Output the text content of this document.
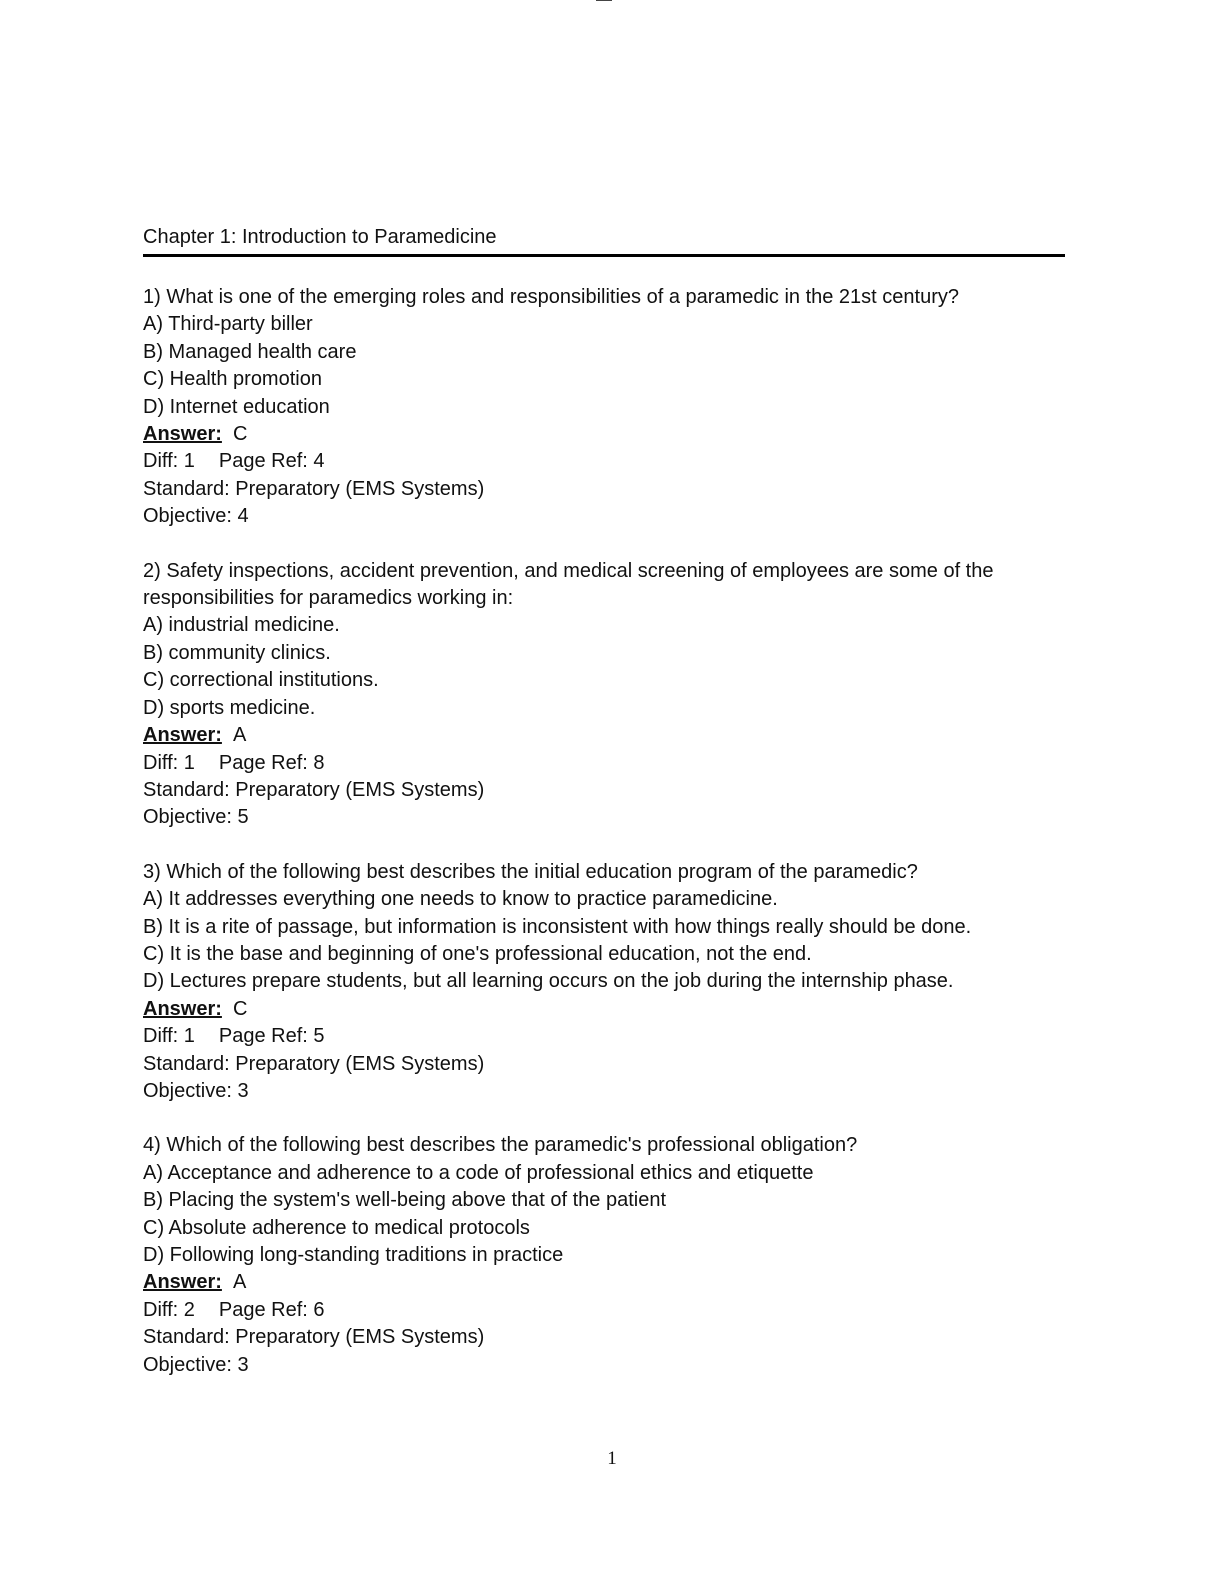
Chapter 1: Introduction to Paramedicine
1) What is one of the emerging roles and responsibilities of a paramedic in the 21st century?
A) Third-party biller
B) Managed health care
C) Health promotion
D) Internet education
Answer: C
Diff: 1 Page Ref: 4
Standard: Preparatory (EMS Systems)
Objective: 4
2) Safety inspections, accident prevention, and medical screening of employees are some of the responsibilities for paramedics working in:
A) industrial medicine.
B) community clinics.
C) correctional institutions.
D) sports medicine.
Answer: A
Diff: 1 Page Ref: 8
Standard: Preparatory (EMS Systems)
Objective: 5
3) Which of the following best describes the initial education program of the paramedic?
A) It addresses everything one needs to know to practice paramedicine.
B) It is a rite of passage, but information is inconsistent with how things really should be done.
C) It is the base and beginning of one's professional education, not the end.
D) Lectures prepare students, but all learning occurs on the job during the internship phase.
Answer: C
Diff: 1 Page Ref: 5
Standard: Preparatory (EMS Systems)
Objective: 3
4) Which of the following best describes the paramedic's professional obligation?
A) Acceptance and adherence to a code of professional ethics and etiquette
B) Placing the system's well-being above that of the patient
C) Absolute adherence to medical protocols
D) Following long-standing traditions in practice
Answer: A
Diff: 2 Page Ref: 6
Standard: Preparatory (EMS Systems)
Objective: 3
1
